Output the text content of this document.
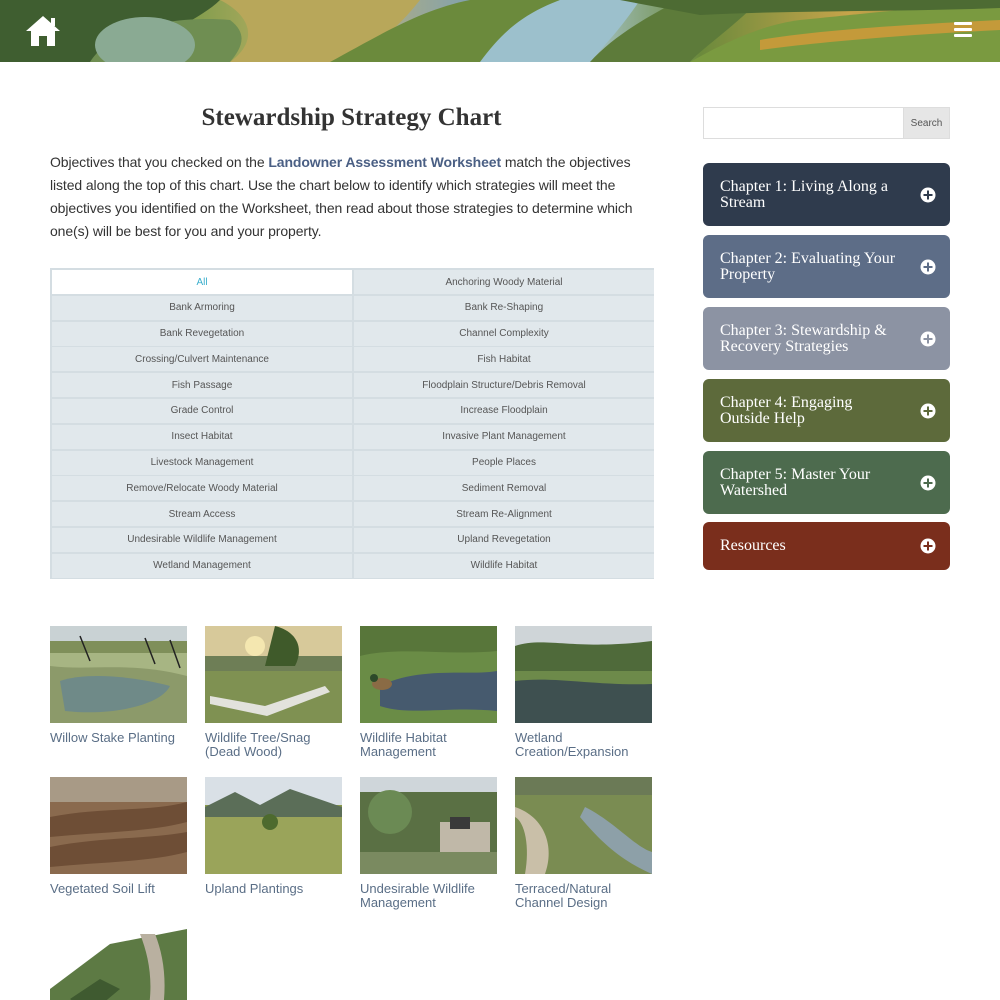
Stewardship Strategy Chart

Objectives that you checked on the Landowner Assessment Worksheet match the objectives listed along the top of this chart. Use the chart below to identify which strategies will meet the objectives you identified on the Worksheet, then read about those strategies to determine which one(s) will be best for you and your property.

All	Anchoring Woody Material
Bank Armoring	Bank Re-Shaping
Bank Revegetation	Channel Complexity
Crossing/Culvert Maintenance	Fish Habitat
Fish Passage	Floodplain Structure/Debris Removal
Grade Control	Increase Floodplain
Insect Habitat	Invasive Plant Management
Livestock Management	People Places
Remove/Relocate Woody Material	Sediment Removal
Stream Access	Stream Re-Alignment
Undesirable Wildlife Management	Upland Revegetation
Wetland Management	Wildlife Habitat
Willow Stake Planting	Wildlife Tree/Snag (Dead Wood)
Wildlife Habitat Management
Wetland Creation/Expansion
Vegetated Soil Lift	Upland Plantings	Undesirable Wildlife Management
Terraced/Natural Channel Design
Search
Chapter 1: Living Along a Stream
Chapter 2: Evaluating Your Property
Chapter 3: Stewardship & Recovery Strategies
Chapter 4: Engaging Outside Help
Chapter 5: Master Your Watershed
Resources
